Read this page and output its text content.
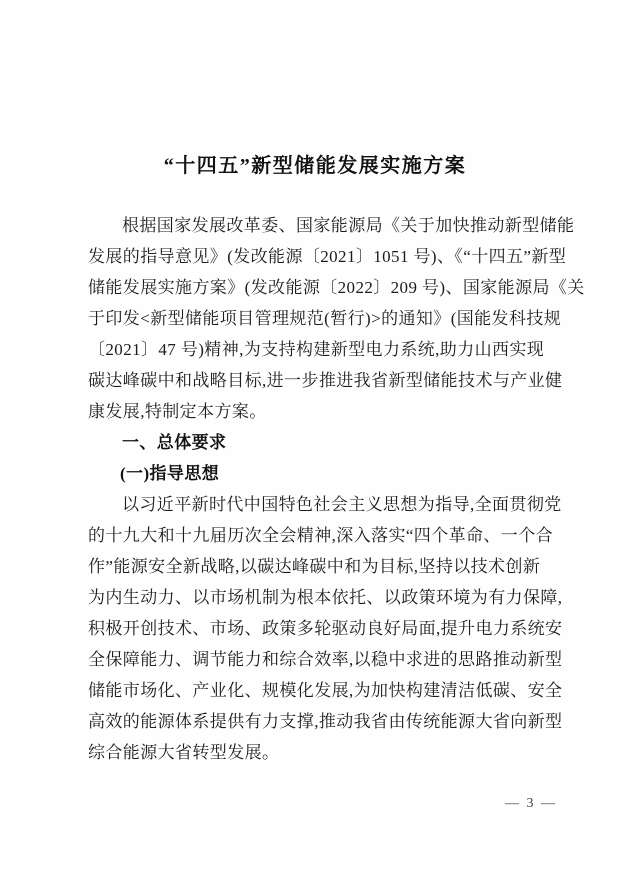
“十四五”新型储能发展实施方案
根据国家发展改革委、国家能源局《关于加快推动新型储能
发展的指导意见》(发改能源〔2021〕1051 号)、《“十四五”新型
储能发展实施方案》(发改能源〔2022〕209 号)、国家能源局《关
于印发<新型储能项目管理规范(暂行)>的通知》(国能发科技规
〔2021〕47 号)精神,为支持构建新型电力系统,助力山西实现
碳达峰碳中和战略目标,进一步推进我省新型储能技术与产业健
康发展,特制定本方案。
一、总体要求
(一)指导思想
以习近平新时代中国特色社会主义思想为指导,全面贯彻党
的十九大和十九届历次全会精神,深入落实“四个革命、一个合
作”能源安全新战略,以碳达峰碳中和为目标,坚持以技术创新
为内生动力、以市场机制为根本依托、以政策环境为有力保障,
积极开创技术、市场、政策多轮驱动良好局面,提升电力系统安
全保障能力、调节能力和综合效率,以稳中求进的思路推动新型
储能市场化、产业化、规模化发展,为加快构建清洁低碳、安全
高效的能源体系提供有力支撑,推动我省由传统能源大省向新型
综合能源大省转型发展。
— 3 —
